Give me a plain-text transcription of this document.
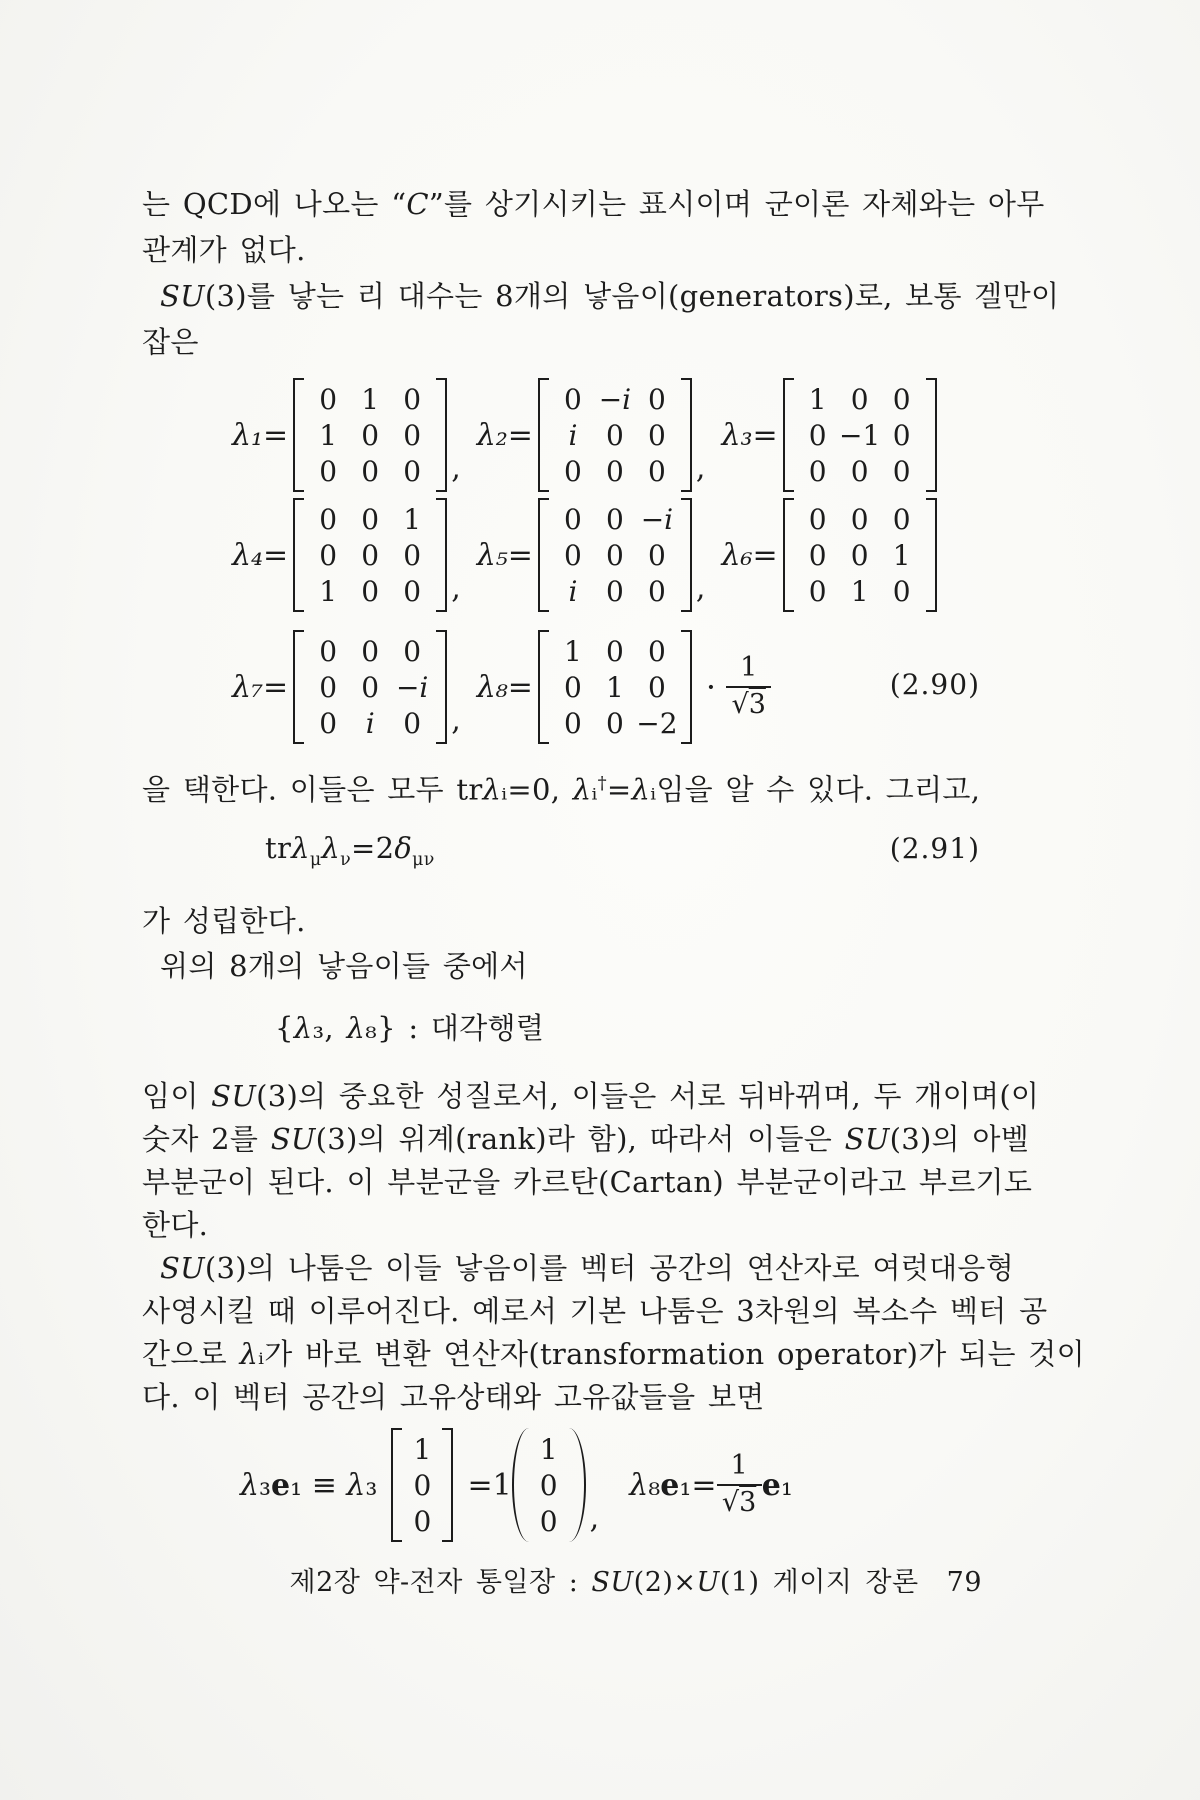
는 QCD에 나오는 “C”를 상기시키는 표시이며 군이론 자체와는 아무
관계가 없다.
SU(3)를 낳는 리 대수는 8개의 낳음이(generators)로, 보통 겔만이
잡은
λ₁=
0 1 0
1 0 0
0 0 0	,
λ₂=
0 −i 0
i	0 0
0 0 0	,
λ₃=
1 0 0
0 −1 0
0 0 0
λ₄=
0 0 1
0 0 0
1 0 0	,
λ₅=
0 0 −i
0 0 0
i	0 0	,
λ₆=
0 0 0
0 0 1
0 1 0
λ₇=
0 0 0
0 0 −i
0	i	0	,
λ₈=
1 0 0
0 1 0
0 0 −2
· $\frac{1}{√3}$	(2.90)
을 택한다. 이들은 모두 trλᵢ=0, λᵢ†=λᵢ임을 알 수 있다. 그리고,
$tr\lambda_\mu\lambda_\nu=2\delta_{\mu\nu}$	(2.91)
가 성립한다.
위의 8개의 낳음이들 중에서
{λ₃, λ₈} : 대각행렬
임이 SU(3)의 중요한 성질로서, 이들은 서로 뒤바뀌며, 두 개이며(이
숫자 2를 SU(3)의 위계(rank)라 함), 따라서 이들은 SU(3)의 아벨
부분군이 된다. 이 부분군을 카르탄(Cartan) 부분군이라고 부르기도
한다.
SU(3)의 나툼은 이들 낳음이를 벡터 공간의 연산자로 여럿대응형
사영시킬 때 이루어진다. 예로서 기본 나툼은 3차원의 복소수 벡터 공
간으로 λᵢ가 바로 변환 연산자(transformation operator)가 되는 것이
다. 이 벡터 공간의 고유상태와 고유값들을 보면
λ₃e₁ ≡ λ₃
1
0
0
=1
1
0
0 ,
$\lambda_8e_1= \frac{1}{√3} e_1$
제2장 약-전자 통일장 : SU(2)×U(1) 게이지 장론 79
